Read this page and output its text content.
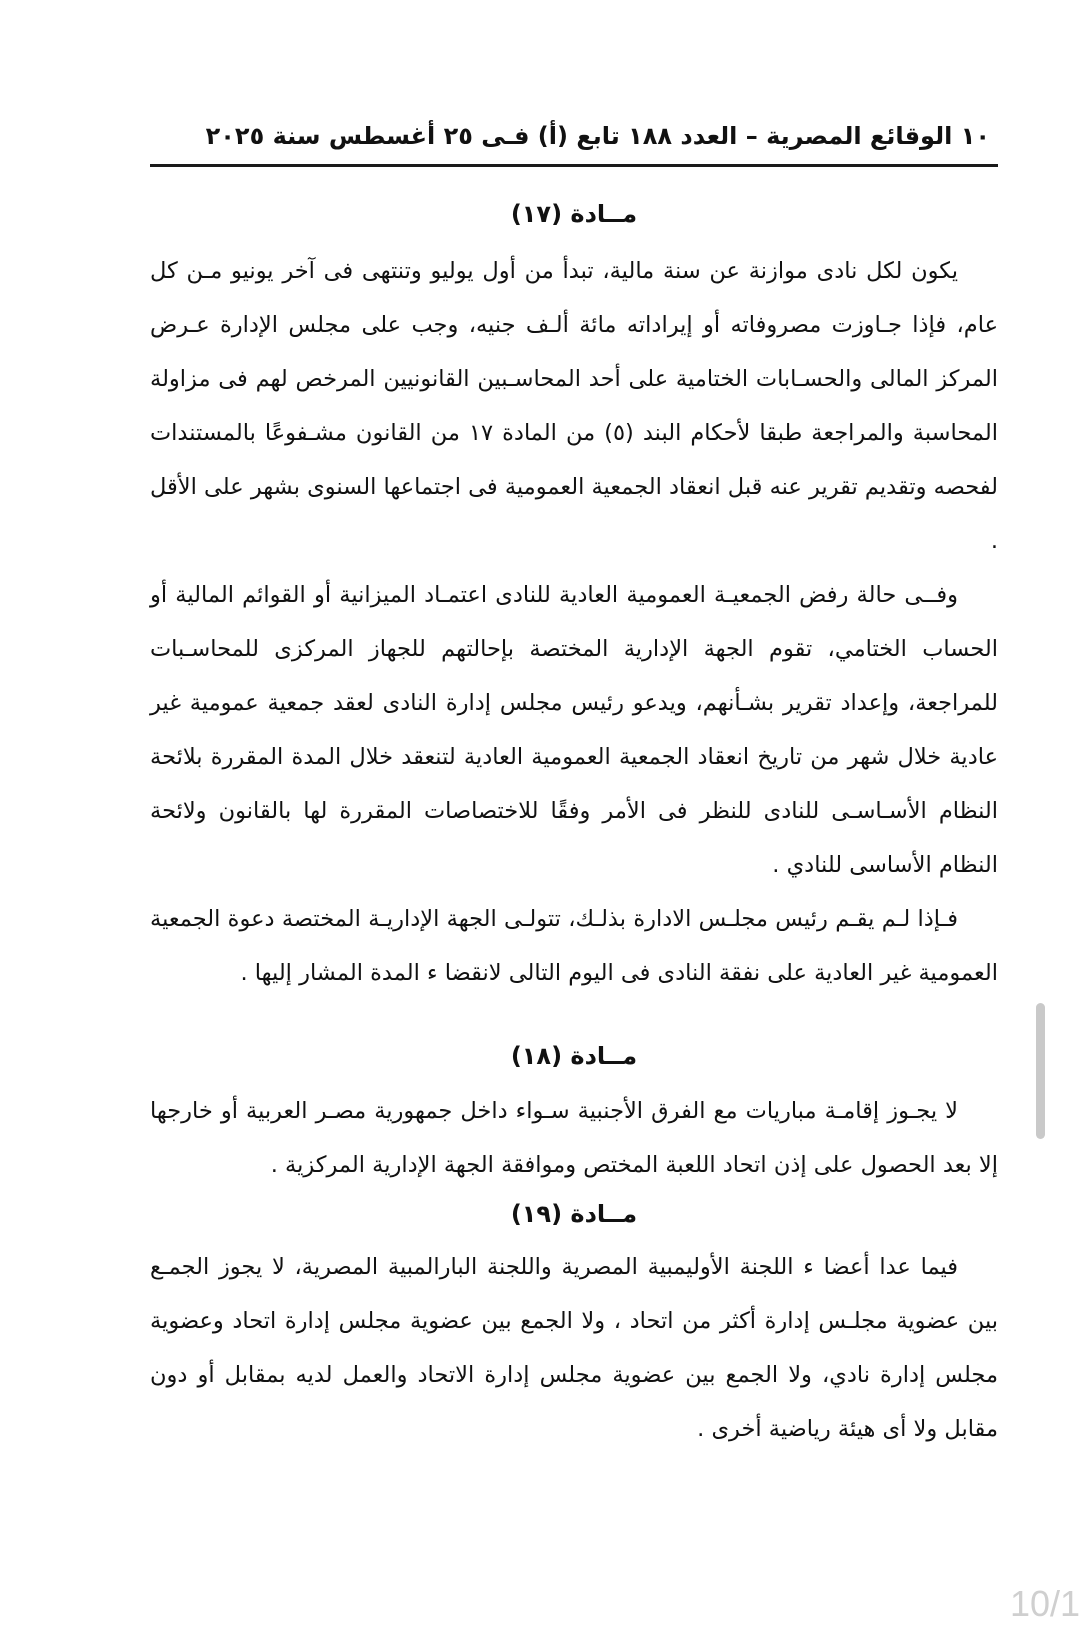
١٠ الوقائع المصرية – العدد ١٨٨ تابع (أ) فـى ٢٥ أغسطس سنة ٢٠٢٥
مــادة (١٧)

يكون لكل نادى موازنة عن سنة مالية، تبدأ من أول يوليو وتنتهى فى آخر يونيو مـن كل عام، فإذا جـاوزت مصروفاته أو إيراداته مائة ألـف جنيه، وجب على مجلس الإدارة عـرض المركز المالى والحسـابات الختامية على أحد المحاسـبين القانونيين المرخص لهم فى مزاولة المحاسبة والمراجعة طبقا لأحكام البند (٥) من المادة ١٧ من القانون مشـفوعًا بالمستندات لفحصه وتقديم تقرير عنه قبل انعقاد الجمعية العمومية فى اجتماعها السنوى بشهر على الأقل .

وفــى حالة رفض الجمعيـة العمومية العادية للنادى اعتمـاد الميزانية أو القوائم المالية أو الحساب الختامي، تقوم الجهة الإدارية المختصة بإحالتهم للجهاز المركزى للمحاسـبات للمراجعة، وإعداد تقرير بشـأنهم، ويدعو رئيس مجلس إدارة النادى لعقد جمعية عمومية غير عادية خلال شهر من تاريخ انعقاد الجمعية العمومية العادية لتنعقد خلال المدة المقررة بلائحة النظام الأسـاسـى للنادى للنظر فى الأمر وفقًا للاختصاصات المقررة لها بالقانون ولائحة النظام الأساسى للنادي .

فـإذا لـم يقـم رئيس مجلـس الادارة بذلـك، تتولـى الجهة الإداريـة المختصة دعوة الجمعية العمومية غير العادية على نفقة النادى فى اليوم التالى لانقضا ء المدة المشار إليها .

مــادة (١٨)

لا يجـوز إقامـة مباريات مع الفرق الأجنبية سـواء داخل جمهورية مصـر العربية أو خارجها إلا بعد الحصول على إذن اتحاد اللعبة المختص وموافقة الجهة الإدارية المركزية .

مــادة (١٩)

فيما عدا أعضا ء اللجنة الأوليمبية المصرية واللجنة البارالمبية المصرية، لا يجوز الجمـع بين عضوية مجلـس إدارة أكثر من اتحاد ، ولا الجمع بين عضوية مجلس إدارة اتحاد وعضوية مجلس إدارة نادي، ولا الجمع بين عضوية مجلس إدارة الاتحاد والعمل لديه بمقابل أو دون مقابل ولا أى هيئة رياضية أخرى .

10/1
